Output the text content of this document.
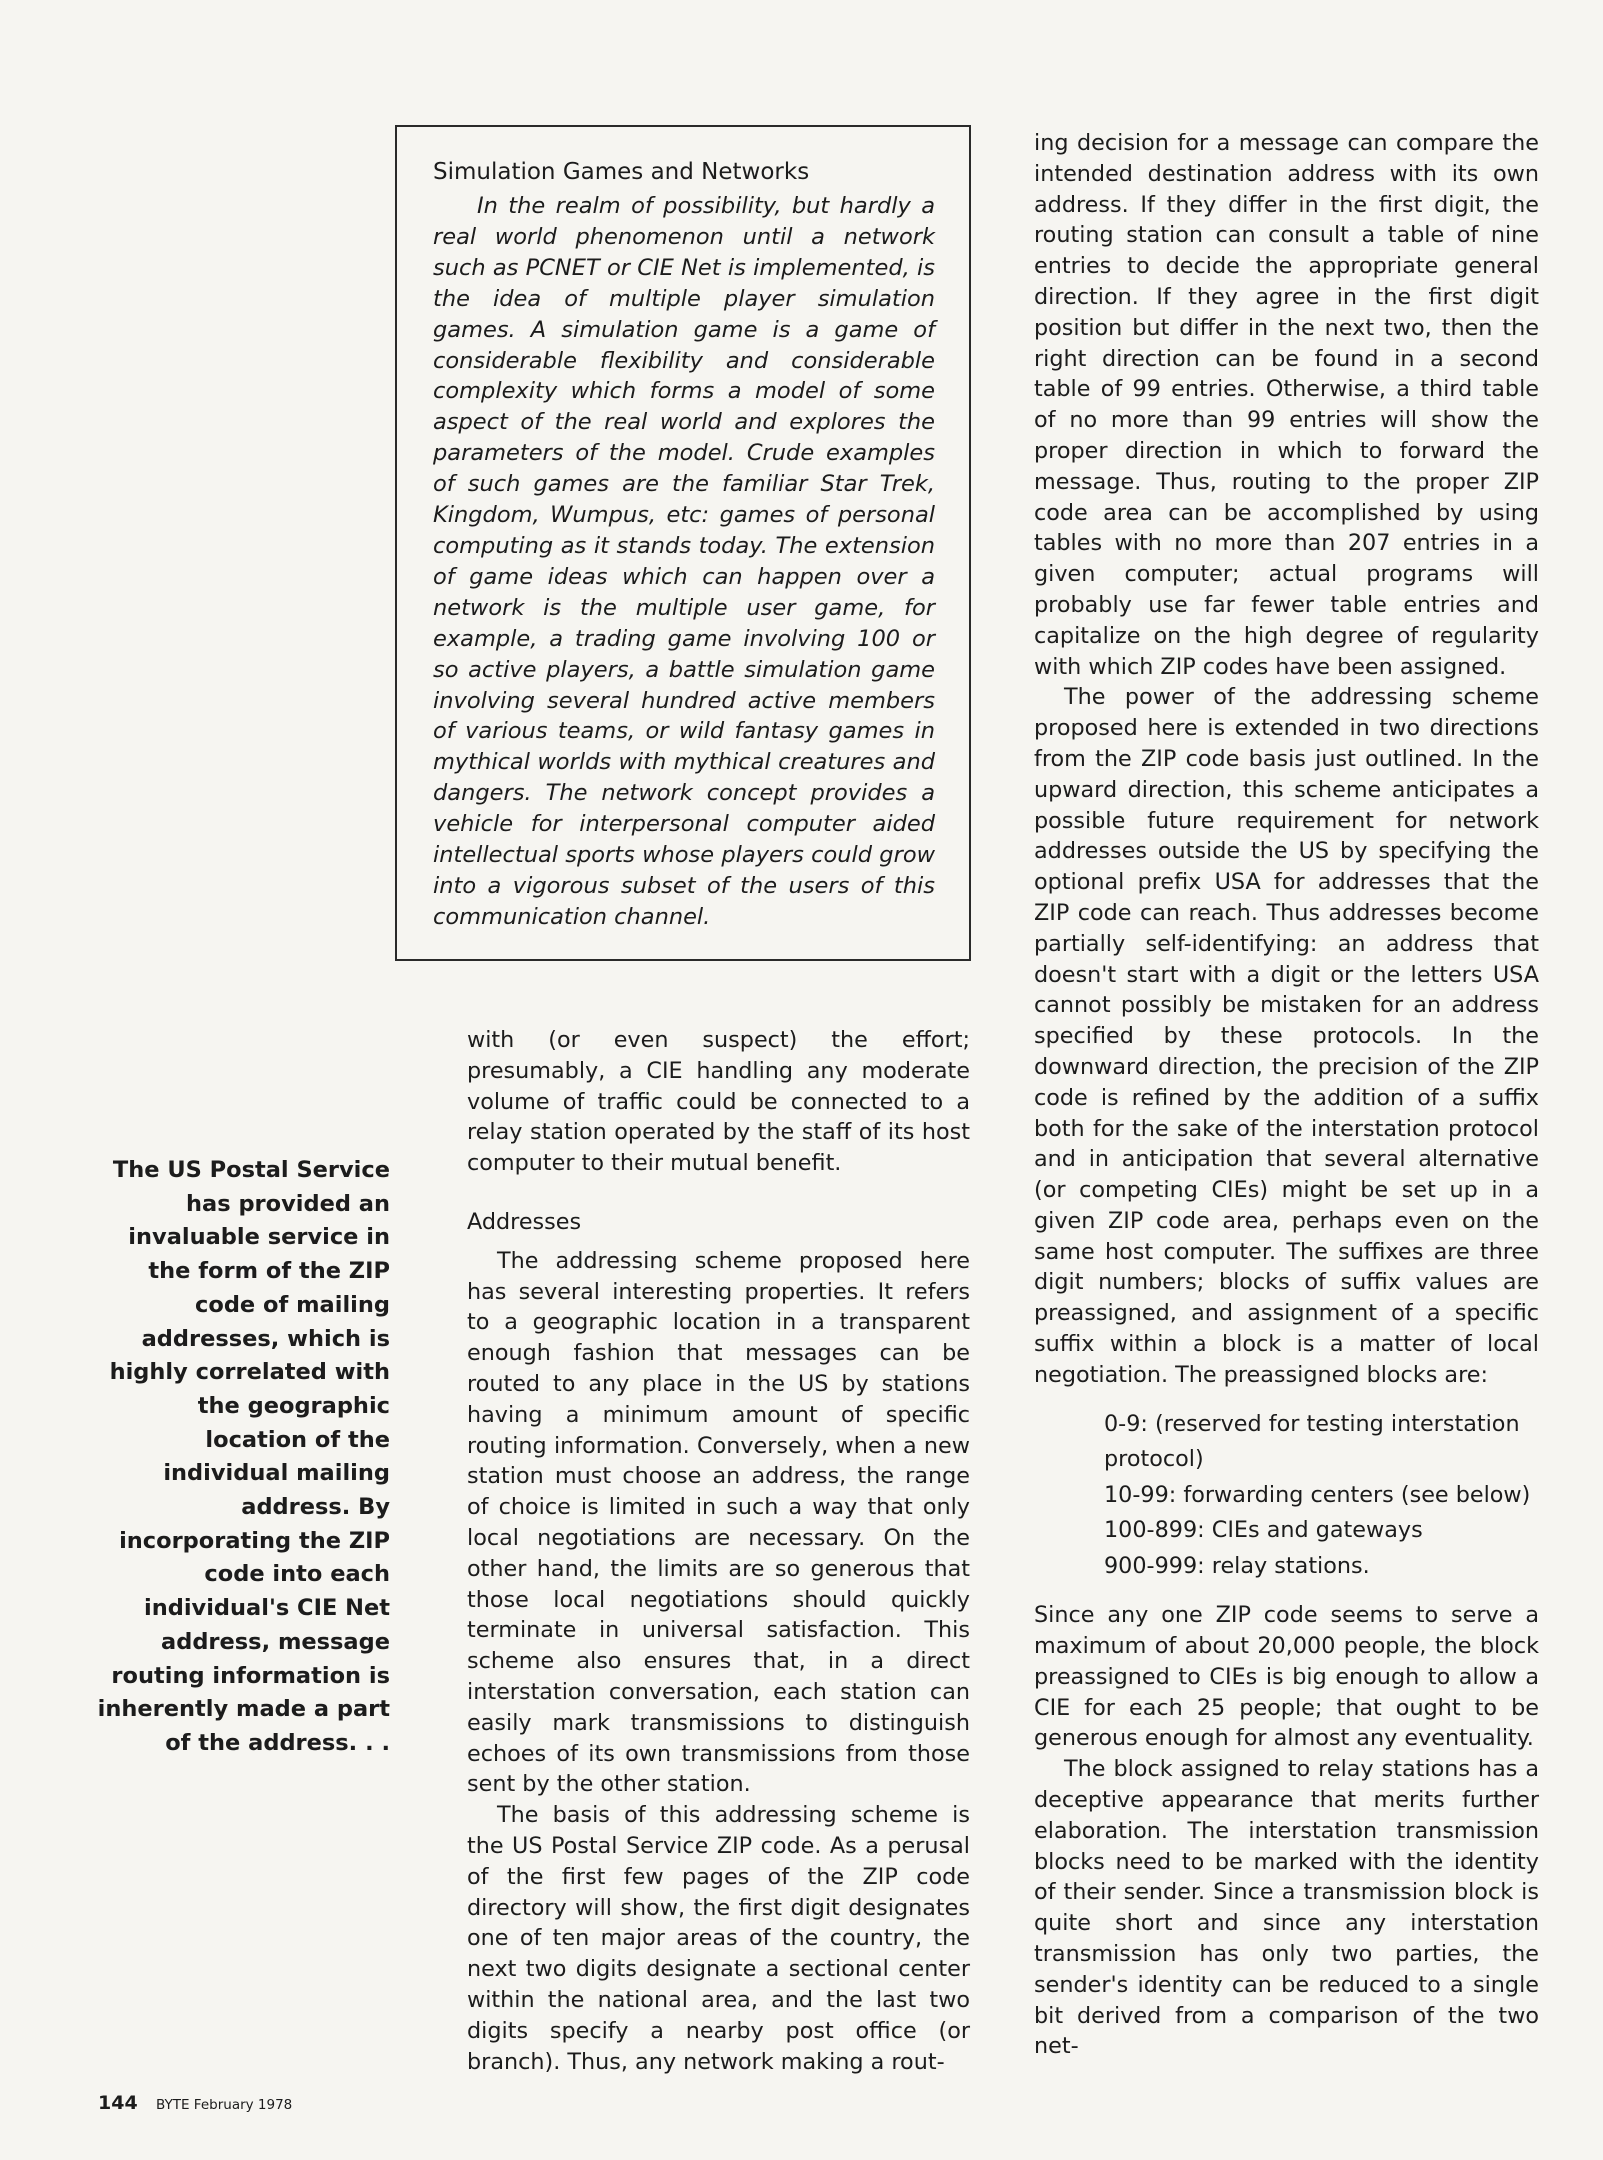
Simulation Games and Networks

In the realm of possibility, but hardly a real world phenomenon until a network such as PCNET or CIE Net is implemented, is the idea of multiple player simulation games. A simulation game is a game of considerable flexibility and considerable complexity which forms a model of some aspect of the real world and explores the parameters of the model. Crude examples of such games are the familiar Star Trek, Kingdom, Wumpus, etc: games of personal computing as it stands today. The extension of game ideas which can happen over a network is the multiple user game, for example, a trading game involving 100 or so active players, a battle simulation game involving several hundred active members of various teams, or wild fantasy games in mythical worlds with mythical creatures and dangers. The network concept provides a vehicle for interpersonal computer aided intellectual sports whose players could grow into a vigorous subset of the users of this communication channel.

The US Postal Service has provided an invaluable service in the form of the ZIP code of mailing addresses, which is highly correlated with the geographic location of the individual mailing address. By incorporating the ZIP code into each individual's CIE Net address, message routing information is inherently made a part of the address. . .

with (or even suspect) the effort; presumably, a CIE handling any moderate volume of traffic could be connected to a relay station operated by the staff of its host computer to their mutual benefit.

Addresses

The addressing scheme proposed here has several interesting properties. It refers to a geographic location in a transparent enough fashion that messages can be routed to any place in the US by stations having a minimum amount of specific routing information. Conversely, when a new station must choose an address, the range of choice is limited in such a way that only local negotiations are necessary. On the other hand, the limits are so generous that those local negotiations should quickly terminate in universal satisfaction. This scheme also ensures that, in a direct interstation conversation, each station can easily mark transmissions to distinguish echoes of its own transmissions from those sent by the other station.

The basis of this addressing scheme is the US Postal Service ZIP code. As a perusal of the first few pages of the ZIP code directory will show, the first digit designates one of ten major areas of the country, the next two digits designate a sectional center within the national area, and the last two digits specify a nearby post office (or branch). Thus, any network making a rout-

ing decision for a message can compare the intended destination address with its own address. If they differ in the first digit, the routing station can consult a table of nine entries to decide the appropriate general direction. If they agree in the first digit position but differ in the next two, then the right direction can be found in a second table of 99 entries. Otherwise, a third table of no more than 99 entries will show the proper direction in which to forward the message. Thus, routing to the proper ZIP code area can be accomplished by using tables with no more than 207 entries in a given computer; actual programs will probably use far fewer table entries and capitalize on the high degree of regularity with which ZIP codes have been assigned.

The power of the addressing scheme proposed here is extended in two directions from the ZIP code basis just outlined. In the upward direction, this scheme anticipates a possible future requirement for network addresses outside the US by specifying the optional prefix USA for addresses that the ZIP code can reach. Thus addresses become partially self-identifying: an address that doesn't start with a digit or the letters USA cannot possibly be mistaken for an address specified by these protocols. In the downward direction, the precision of the ZIP code is refined by the addition of a suffix both for the sake of the interstation protocol and in anticipation that several alternative (or competing CIEs) might be set up in a given ZIP code area, perhaps even on the same host computer. The suffixes are three digit numbers; blocks of suffix values are preassigned, and assignment of a specific suffix within a block is a matter of local negotiation. The preassigned blocks are:

0-9: (reserved for testing interstation protocol)
10-99: forwarding centers (see below)
100-899: CIEs and gateways
900-999: relay stations.

Since any one ZIP code seems to serve a maximum of about 20,000 people, the block preassigned to CIEs is big enough to allow a CIE for each 25 people; that ought to be generous enough for almost any eventuality.

The block assigned to relay stations has a deceptive appearance that merits further elaboration. The interstation transmission blocks need to be marked with the identity of their sender. Since a transmission block is quite short and since any interstation transmission has only two parties, the sender's identity can be reduced to a single bit derived from a comparison of the two net-

144 BYTE February 1978
